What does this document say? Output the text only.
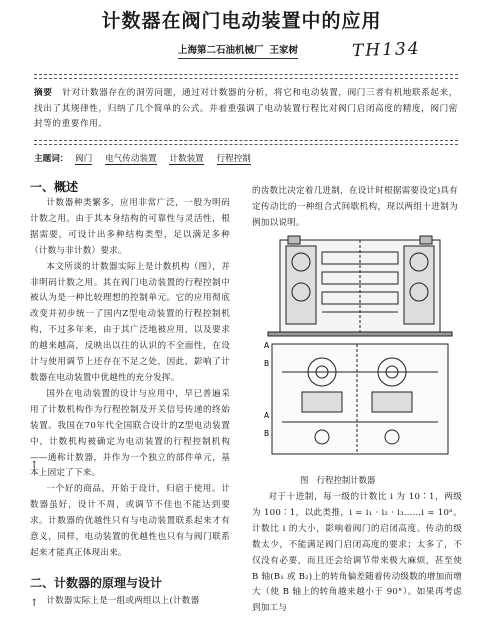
计数器在阀门电动装置中的应用
上海第二石油机械厂 王家树	TH134
摘要 针对计数器存在的洞劳问题，通过对计数器的分析，将它和电动装置，阀门三者有机地联系起来，找出了其规律性，归纳了几个简单的公式。并着重强调了电动装置行程比对阀门启闭高度的精度，阀门密封等的重要作用。
主题词： 阀门 电气传动装置 计数装置 行程控制
一、概述

计数器种类繁多，应用非常广泛，一般为明码计数之用。由于其本身结构的可靠性与灵活性，根据需要，可设计出多种结构类型，足以满足多种（计数与非计数）要求。

本文所谈的计数器实际上是计数机构（图），并非明码计数之用。其在阀门电动装置的行程控制中被认为是一种比较理想的控制单元。它的应用彻底改变并初步统一了国内Z型电动装置的行程控制机构，不过多年来，由于其广泛地被应用，以及要求的越来越高，反映出以往的认识的不全面性，在设计与使用调节上还存在不足之处，因此，影响了计数器在电动装置中优越性的充分发挥。

国外在电动装置的设计与应用中，早已普遍采用了计数机构作为行程控制及开关信号传递的终始装置。我国在70年代全国联合设计的Z型电动装置中，计数机构被确定为电动装置的行程控制机构——通称计数器，并作为一个独立的部件单元，基本上固定了下来。

一个好的商品，开始于设计，归宿于使用。计数器虽好，设计不周，或调节不佳也不能达到要求。计数器的优越性只有与电动装置联系起来才有意义，同样，电动装置的优越性也只有与阀门联系起来才能真正体现出来。

二、计数器的原理与设计

计数器实际上是一组或两组以上(计数器

↑

的齿数比决定着几进制，在设计时根据需要设定)具有定传动比的一种组合式间歇机构，现以两组十进制为例加以说明。

A
B
A
B
图　行程控制计数器

对于十进制，每一级的计数比 i 为 10∶1，两级为 100∶1，以此类推，i = i₁ · i₂ · i₃……i = 10ⁿ。计数比 i 的大小，影响着阀门的启闭高度。传动的级数太少，不能满足阀门启闭高度的要求；太多了，不仅没有必要，而且还会给调节带来极大麻烦，甚至使 B 轴(B₁ 或 B₂)上的转角偏差随着传动级数的增加而增大（使 B 轴上的转角越来越小于 90°）。如果再考虑到加工与

↑
